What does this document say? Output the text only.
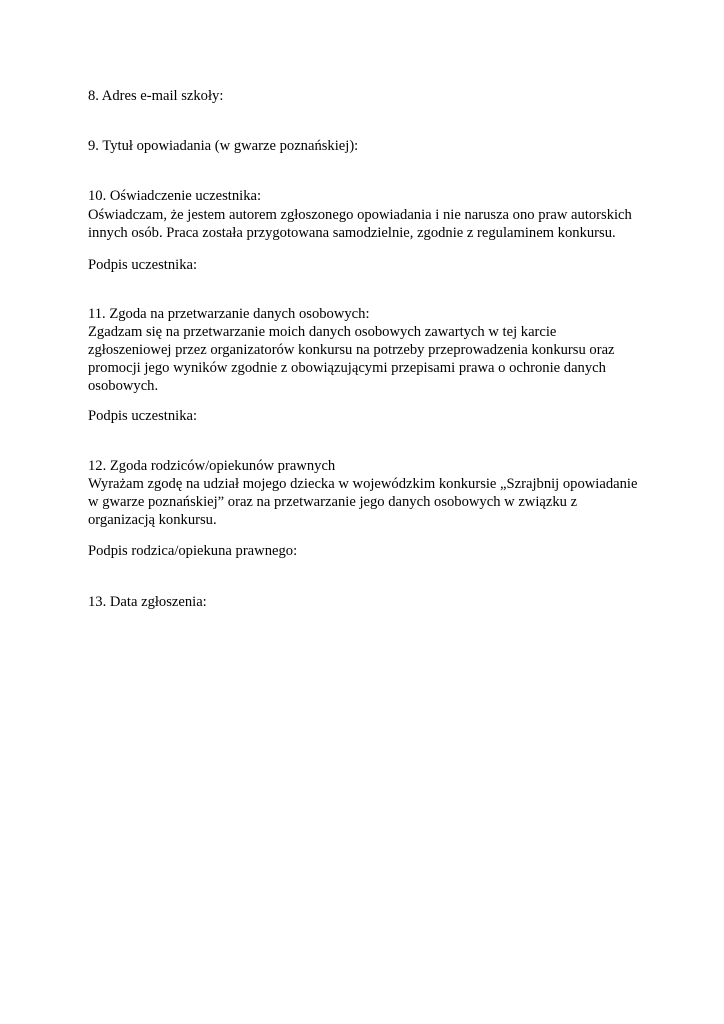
8. Adres e-mail szkoły:
9. Tytuł opowiadania (w gwarze poznańskiej):
10. Oświadczenie uczestnika:
Oświadczam, że jestem autorem zgłoszonego opowiadania i nie narusza ono praw autorskich
innych osób. Praca została przygotowana samodzielnie, zgodnie z regulaminem konkursu.
Podpis uczestnika:
11. Zgoda na przetwarzanie danych osobowych:
Zgadzam się na przetwarzanie moich danych osobowych zawartych w tej karcie
zgłoszeniowej przez organizatorów konkursu na potrzeby przeprowadzenia konkursu oraz
promocji jego wyników zgodnie z obowiązującymi przepisami prawa o ochronie danych
osobowych.
Podpis uczestnika:
12. Zgoda rodziców/opiekunów prawnych
Wyrażam zgodę na udział mojego dziecka w wojewódzkim konkursie „Szrajbnij opowiadanie
w gwarze poznańskiej” oraz na przetwarzanie jego danych osobowych w związku z
organizacją konkursu.
Podpis rodzica/opiekuna prawnego:
13. Data zgłoszenia:
